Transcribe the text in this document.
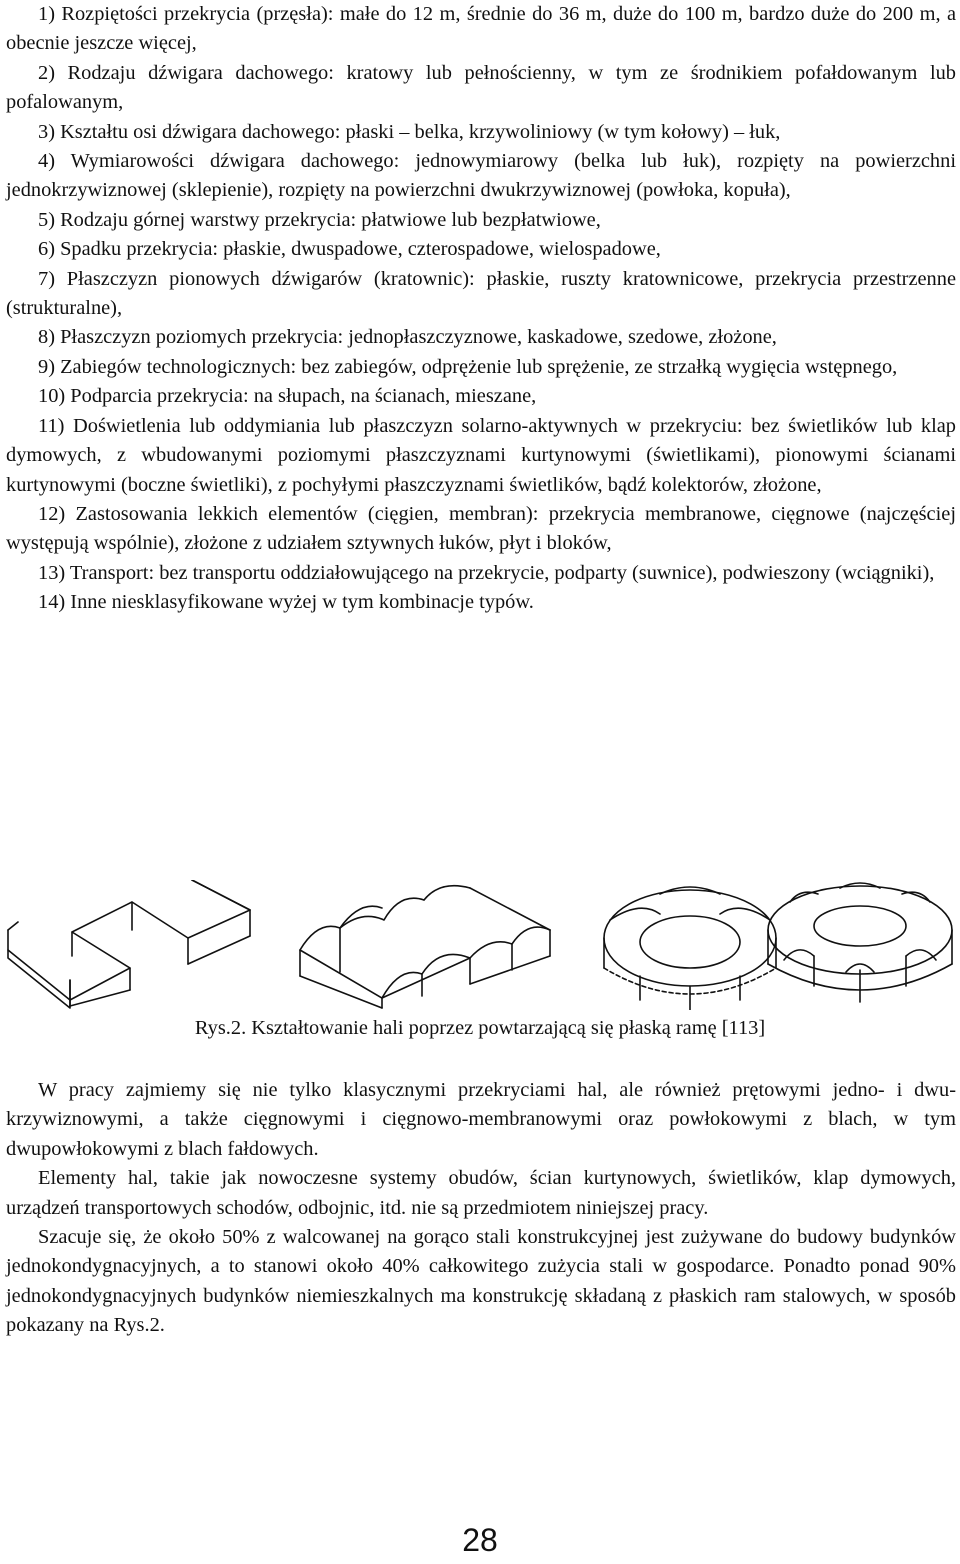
1) Rozpiętości przekrycia (przęsła): małe do 12 m, średnie do 36 m, duże do 100 m, bardzo duże do 200 m, a obecnie jeszcze więcej,

2) Rodzaju dźwigara dachowego: kratowy lub pełnościenny, w tym ze środnikiem pofałdowanym lub pofalowanym,

3) Kształtu osi dźwigara dachowego: płaski – belka, krzywoliniowy (w tym kołowy) – łuk,

4) Wymiarowości dźwigara dachowego: jednowymiarowy (belka lub łuk), rozpięty na powierzchni jednokrzywiznowej (sklepienie), rozpięty na powierzchni dwukrzywiznowej (powłoka, kopuła),

5) Rodzaju górnej warstwy przekrycia: płatwiowe lub bezpłatwiowe,

6) Spadku przekrycia: płaskie, dwuspadowe, czterospadowe, wielospadowe,

7) Płaszczyzn pionowych dźwigarów (kratownic): płaskie, ruszty kratownicowe, przekrycia przestrzenne (strukturalne),

8) Płaszczyzn poziomych przekrycia: jednopłaszczyznowe, kaskadowe, szedowe, złożone,

9) Zabiegów technologicznych: bez zabiegów, odprężenie lub sprężenie, ze strzałką wygięcia wstępnego,

10) Podparcia przekrycia: na słupach, na ścianach, mieszane,

11) Doświetlenia lub oddymiania lub płaszczyzn solarno-aktywnych w przekryciu: bez świetlików lub klap dymowych, z wbudowanymi poziomymi płaszczyznami kurtynowymi (świetlikami), pionowymi ścianami kurtynowymi (boczne świetliki), z pochyłymi płaszczyznami świetlików, bądź kolektorów, złożone,

12) Zastosowania lekkich elementów (cięgien, membran): przekrycia membranowe, cięgnowe (najczęściej występują wspólnie), złożone z udziałem sztywnych łuków, płyt i bloków,

13) Transport: bez transportu oddziałowującego na przekrycie, podparty (suwnice), podwieszony (wciągniki),

14) Inne niesklasyfikowane wyżej w tym kombinacje typów.

Rys.2. Kształtowanie hali poprzez powtarzającą się płaską ramę [113]

W pracy zajmiemy się nie tylko klasycznymi przekryciami hal, ale również prętowymi jedno- i dwu-krzywiznowymi, a także cięgnowymi i cięgnowo-membranowymi oraz powłokowymi z blach, w tym dwupowłokowymi z blach fałdowych.

Elementy hal, takie jak nowoczesne systemy obudów, ścian kurtynowych, świetlików, klap dymowych, urządzeń transportowych schodów, odbojnic, itd. nie są przedmiotem niniejszej pracy.

Szacuje się, że około 50% z walcowanej na gorąco stali konstrukcyjnej jest zużywane do budowy budynków jednokondygnacyjnych, a to stanowi około 40% całkowitego zużycia stali w gospodarce. Ponadto ponad 90% jednokondygnacyjnych budynków niemieszkalnych ma konstrukcję składaną z płaskich ram stalowych, w sposób pokazany na Rys.2.

28
